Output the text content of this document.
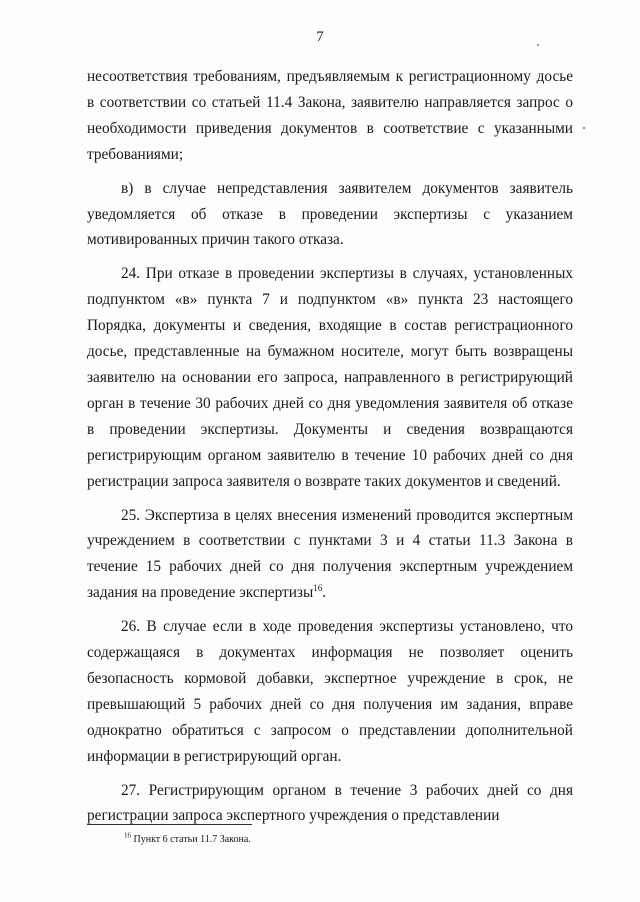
7

несоответствия требованиям, предъявляемым к регистрационному досье в соответствии со статьей 11.4 Закона, заявителю направляется запрос о необходимости приведения документов в соответствие с указанными требованиями;

в) в случае непредставления заявителем документов заявитель уведомляется об отказе в проведении экспертизы с указанием мотивированных причин такого отказа.

24. При отказе в проведении экспертизы в случаях, установленных подпунктом «в» пункта 7 и подпунктом «в» пункта 23 настоящего Порядка, документы и сведения, входящие в состав регистрационного досье, представленные на бумажном носителе, могут быть возвращены заявителю на основании его запроса, направленного в регистрирующий орган в течение 30 рабочих дней со дня уведомления заявителя об отказе в проведении экспертизы. Документы и сведения возвращаются регистрирующим органом заявителю в течение 10 рабочих дней со дня регистрации запроса заявителя о возврате таких документов и сведений.

25. Экспертиза в целях внесения изменений проводится экспертным учреждением в соответствии с пунктами 3 и 4 статьи 11.3 Закона в течение 15 рабочих дней со дня получения экспертным учреждением задания на проведение экспертизы$^{16}$.

26. В случае если в ходе проведения экспертизы установлено, что содержащаяся в документах информация не позволяет оценить безопасность кормовой добавки, экспертное учреждение в срок, не превышающий 5 рабочих дней со дня получения им задания, вправе однократно обратиться с запросом о представлении дополнительной информации в регистрирующий орган.

27. Регистрирующим органом в течение 3 рабочих дней со дня регистрации запроса экспертного учреждения о представлении

$^{16}$ Пункт 6 статьи 11.7 Закона.
